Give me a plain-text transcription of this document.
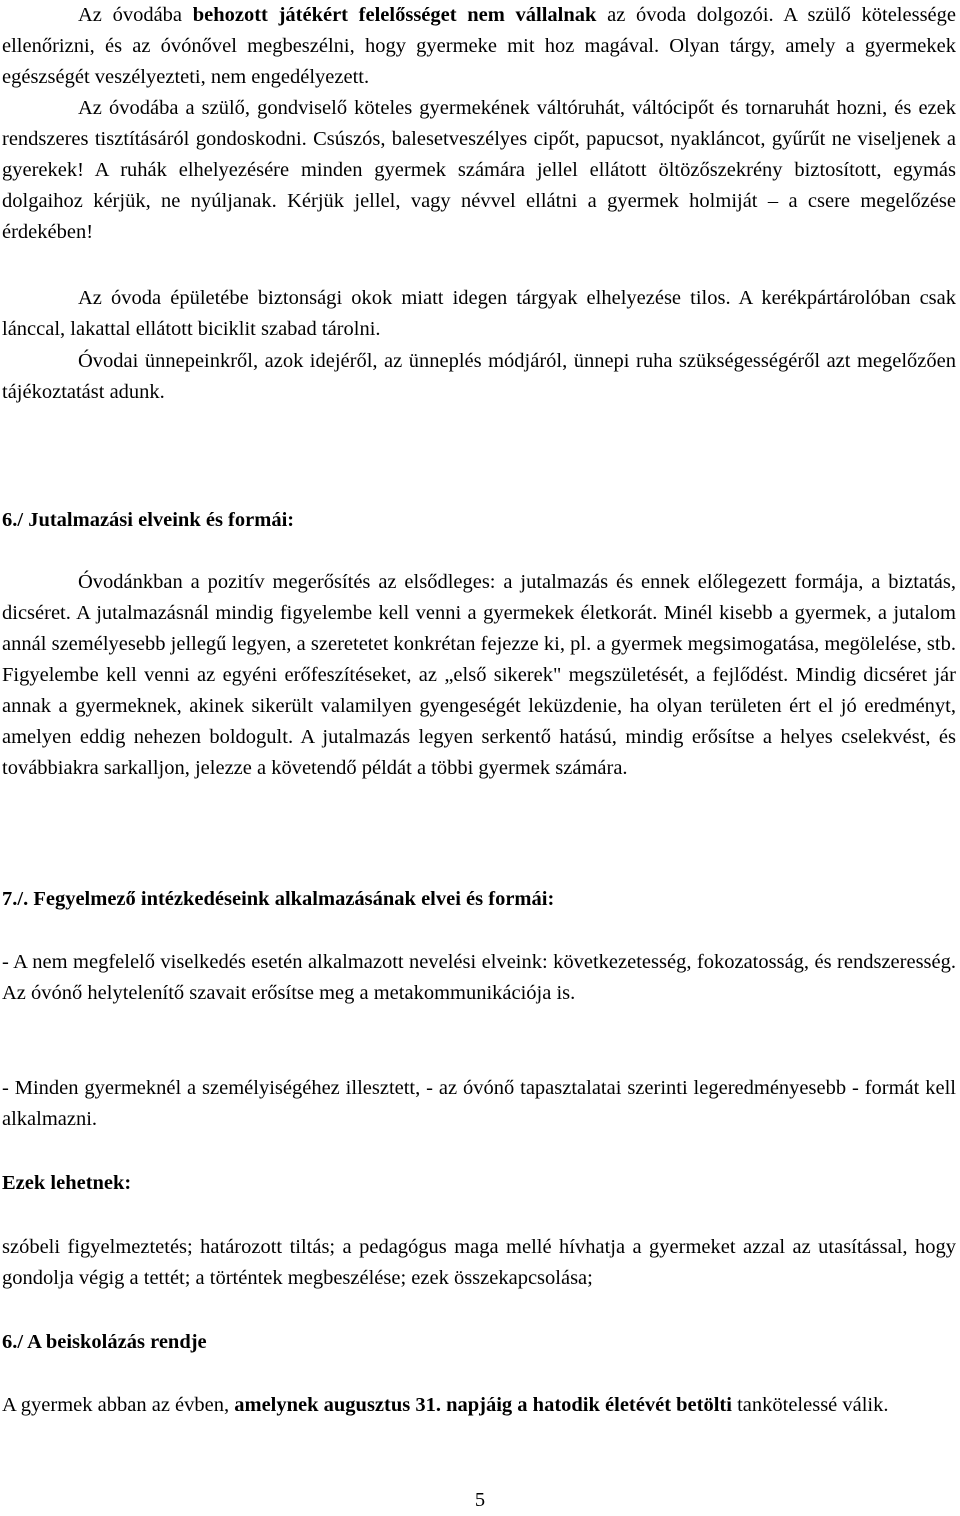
Az óvodába behozott játékért felelősséget nem vállalnak az óvoda dolgozói. A szülő kötelessége ellenőrizni, és az óvónővel megbeszélni, hogy gyermeke mit hoz magával. Olyan tárgy, amely a gyermekek egészségét veszélyezteti, nem engedélyezett.
Az óvodába a szülő, gondviselő köteles gyermekének váltóruhát, váltócipőt és tornaruhát hozni, és ezek rendszeres tisztításáról gondoskodni. Csúszós, balesetveszélyes cipőt, papucsot, nyakláncot, gyűrűt ne viseljenek a gyerekek! A ruhák elhelyezésére minden gyermek számára jellel ellátott öltözőszekrény biztosított, egymás dolgaihoz kérjük, ne nyúljanak. Kérjük jellel, vagy névvel ellátni a gyermek holmiját – a csere megelőzése érdekében!
Az óvoda épületébe biztonsági okok miatt idegen tárgyak elhelyezése tilos. A kerékpártárolóban csak lánccal, lakattal ellátott biciklit szabad tárolni.
Óvodai ünnepeinkről, azok idejéről, az ünneplés módjáról, ünnepi ruha szükségességéről azt megelőzően tájékoztatást adunk.
6./ Jutalmazási elveink és formái:
Óvodánkban a pozitív megerősítés az elsődleges: a jutalmazás és ennek előlegezett formája, a biztatás, dicséret. A jutalmazásnál mindig figyelembe kell venni a gyermekek életkorát. Minél kisebb a gyermek, a jutalom annál személyesebb jellegű legyen, a szeretetet konkrétan fejezze ki, pl. a gyermek megsimogatása, megölelése, stb. Figyelembe kell venni az egyéni erőfeszítéseket, az „első sikerek" megszületését, a fejlődést. Mindig dicséret jár annak a gyermeknek, akinek sikerült valamilyen gyengeségét leküzdenie, ha olyan területen ért el jó eredményt, amelyen eddig nehezen boldogult. A jutalmazás legyen serkentő hatású, mindig erősítse a helyes cselekvést, és továbbiakra sarkalljon, jelezze a követendő példát a többi gyermek számára.
7./. Fegyelmező intézkedéseink alkalmazásának elvei és formái:
- A nem megfelelő viselkedés esetén alkalmazott nevelési elveink: következetesség, fokozatosság, és rendszeresség. Az óvónő helytelenítő szavait erősítse meg a metakommunikációja is.
- Minden gyermeknél a személyiségéhez illesztett, - az óvónő tapasztalatai szerinti legeredményesebb - formát kell alkalmazni.
Ezek lehetnek:
szóbeli figyelmeztetés; határozott tiltás; a pedagógus maga mellé hívhatja a gyermeket azzal az utasítással, hogy gondolja végig a tettét; a történtek megbeszélése; ezek összekapcsolása;
6./ A beiskolázás rendje
A gyermek abban az évben, amelynek augusztus 31. napjáig a hatodik életévét betölti tankötelessé válik.
5
